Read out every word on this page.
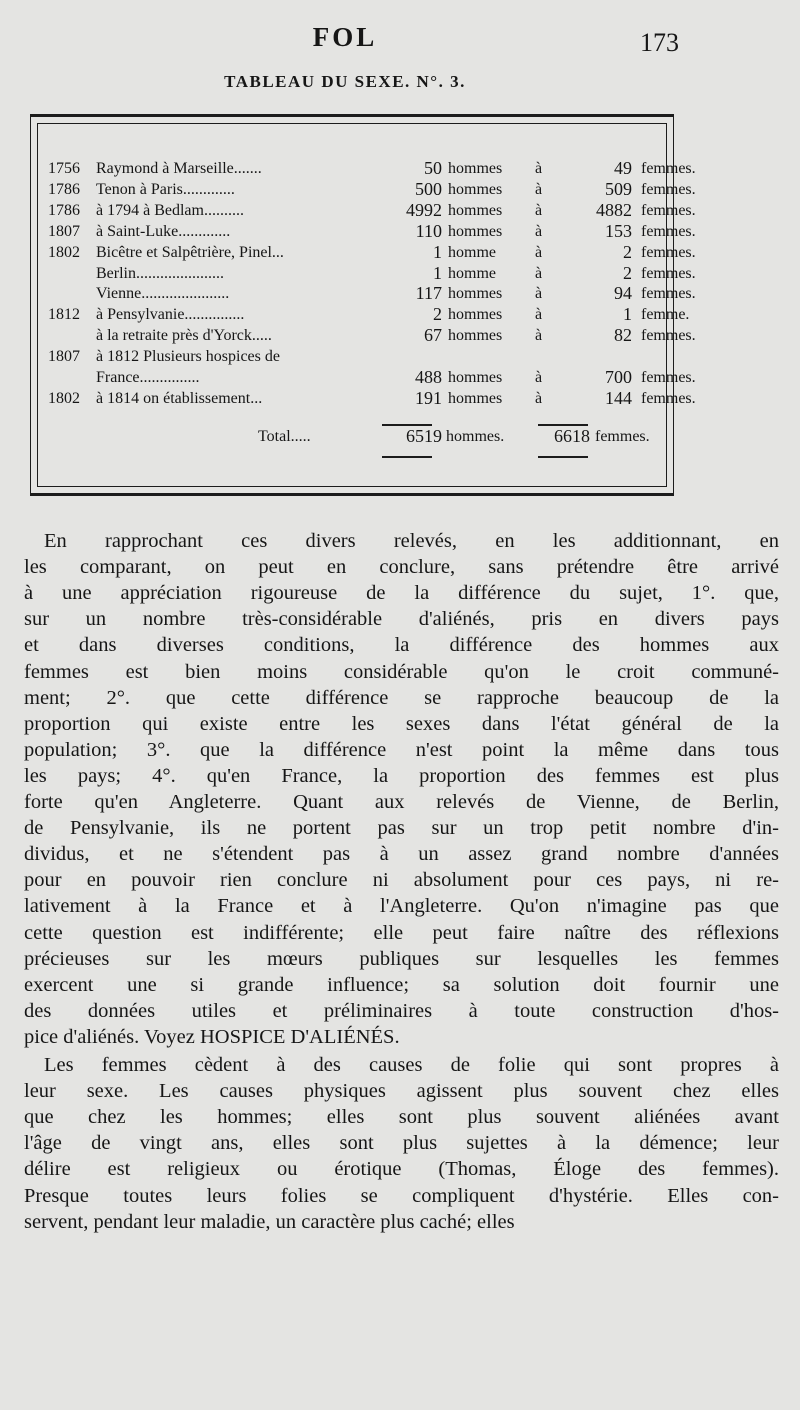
FOL	173
TABLEAU DU SEXE. N°. 3.
1756	Raymond à Marseille.......	50 hommes à	49 femmes.
1786	Tenon à Paris.............	500 hommes à	509 femmes.
1786	à 1794 à Bedlam..........	4992 hommes à	4882 femmes.
1807	à Saint-Luke.............	110 hommes à	153 femmes.
1802	Bicêtre et Salpêtrière, Pinel...	1 homme à	2 femmes.
Berlin......................	1 homme à	2 femmes.
Vienne......................	117 hommes à	94 femmes.
1812	à Pensylvanie...............	2 hommes à	1 femme.
à la retraite près d'Yorck.....	67 hommes à	82 femmes.
1807	à 1812 Plusieurs hospices de
France...............	488 hommes à	700 femmes.
1802	à 1814 on établissement...	191 hommes à	144 femmes.
Total.....	6519 hommes.	6618 femmes.
En rapprochant ces divers relevés, en les additionnant, en
les comparant, on peut en conclure, sans prétendre être arrivé
à une appréciation rigoureuse de la différence du sujet, 1°. que,
sur un nombre très-considérable d'aliénés, pris en divers pays
et dans diverses conditions, la différence des hommes aux
femmes est bien moins considérable qu'on le croit communé-
ment; 2°. que cette différence se rapproche beaucoup de la
proportion qui existe entre les sexes dans l'état général de la
population; 3°. que la différence n'est point la même dans tous
les pays; 4°. qu'en France, la proportion des femmes est plus
forte qu'en Angleterre. Quant aux relevés de Vienne, de Berlin,
de Pensylvanie, ils ne portent pas sur un trop petit nombre d'in-
dividus, et ne s'étendent pas à un assez grand nombre d'années
pour en pouvoir rien conclure ni absolument pour ces pays, ni re-
lativement à la France et à l'Angleterre. Qu'on n'imagine pas que
cette question est indifférente; elle peut faire naître des réflexions
précieuses sur les mœurs publiques sur lesquelles les femmes
exercent une si grande influence; sa solution doit fournir une
des données utiles et préliminaires à toute construction d'hos-
pice d'aliénés. Voyez HOSPICE D'ALIÉNÉS.
Les femmes cèdent à des causes de folie qui sont propres à
leur sexe. Les causes physiques agissent plus souvent chez elles
que chez les hommes; elles sont plus souvent aliénées avant
l'âge de vingt ans, elles sont plus sujettes à la démence; leur
délire est religieux ou érotique (Thomas, Éloge des femmes).
Presque toutes leurs folies se compliquent d'hystérie. Elles con-
servent, pendant leur maladie, un caractère plus caché; elles
